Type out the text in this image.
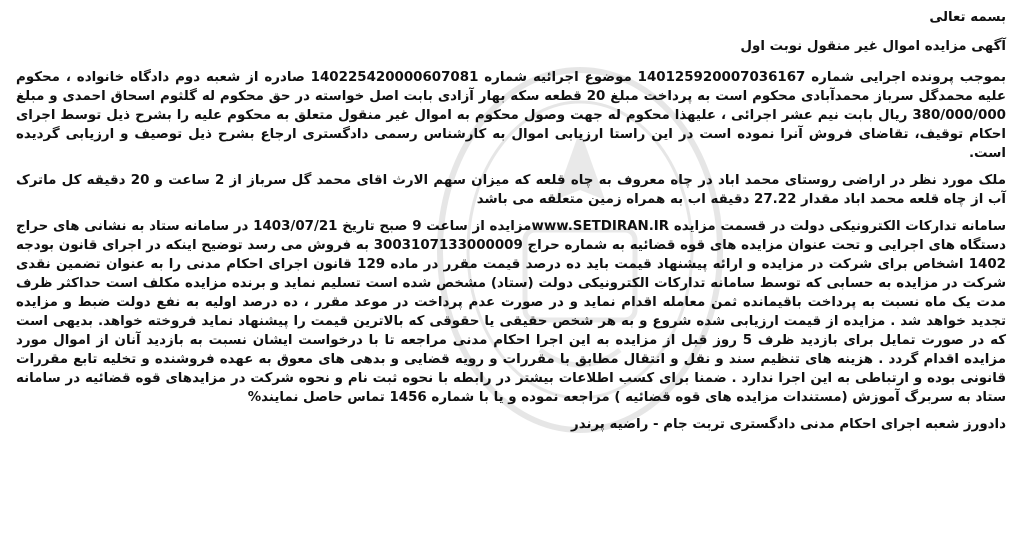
بسمه تعالی

آگهی مزایده اموال غیر منقول نوبت اول

بموجب پرونده اجرایی شماره 140125920007036167 موضوع اجرائیه شماره 140225420000607081 صادره از شعبه دوم دادگاه خانواده ، محکوم علیه محمدگل سرباز محمدآبادی محکوم است به پرداخت مبلغ 20 قطعه سکه بهار آزادی بابت اصل خواسته در حق محکوم له گلثوم اسحاق احمدی و مبلغ 380/000/000 ریال بابت نیم عشر اجرائی ، علیهذا محکوم له جهت وصول محکوم به اموال غیر منقول متعلق به محکوم علیه را بشرح ذیل توسط اجرای احکام توقیف، تقاضای فروش آنرا نموده است در این راستا ارزیابی اموال به کارشناس رسمی دادگستری ارجاع بشرح ذیل توصیف و ارزیابی گردیده است.

ملک مورد نظر در اراضی روستای محمد اباد در چاه معروف به چاه قلعه که میزان سهم الارث اقای محمد گل سرباز از 2 ساعت و 20 دقیقه کل ماترک آب از چاه قلعه محمد اباد مقدار 27.22 دقیقه اب به همراه زمین متعلقه می باشد

سامانه تدارکات الکترونیکی دولت در قسمت مزایده www.SETDIRAN.IRمزایده از ساعت 9 صبح تاریخ 1403/07/21 در سامانه ستاد به نشانی های حراج دستگاه های اجرایی و تحت عنوان مزایده های قوه قضائیه به شماره حراج 3003107133000009 به فروش می رسد توضیح اینکه در اجرای قانون بودجه 1402 اشخاص برای شرکت در مزایده و ارائه پیشنهاد قیمت باید ده درصد قیمت مقرر در ماده 129 قانون اجرای احکام مدنی را به عنوان تضمین نقدی شرکت در مزایده به حسابی که توسط سامانه تدارکات الکترونیکی دولت (ستاد) مشخص شده است تسلیم نماید و برنده مزایده مکلف است حداکثر ظرف مدت یک ماه نسبت به پرداخت باقیمانده ثمن معامله اقدام نماید و در صورت عدم پرداخت در موعد مقرر ، ده درصد اولیه به نفع دولت ضبط و مزایده تجدید خواهد شد . مزایده از قیمت ارزیابی شده شروع و به هر شخص حقیقی یا حقوقی که بالاترین قیمت را پیشنهاد نماید فروخته خواهد. بدیهی است که در صورت تمایل برای بازدید ظرف 5 روز قبل از مزایده به این اجرا احکام مدنی مراجعه تا با درخواست ایشان نسبت به بازدید آنان از اموال مورد مزایده اقدام گردد . هزینه های تنظیم سند و نقل و انتقال مطابق با مقررات و رویه قضایی و بدهی های معوق به عهده فروشنده و تخلیه تابع مقررات قانونی بوده و ارتباطی به این اجرا ندارد . ضمنا برای کسب اطلاعات بیشتر در رابطه با نحوه ثبت نام و نحوه شرکت در مزایدهای قوه قضائیه در سامانه ستاد به سربرگ آموزش (مستندات مزایده های قوه قضائیه ) مراجعه نموده و یا با شماره 1456 تماس حاصل نمایند%

دادورز شعبه اجرای احکام مدنی دادگستری تربت جام - راضیه پرندر
